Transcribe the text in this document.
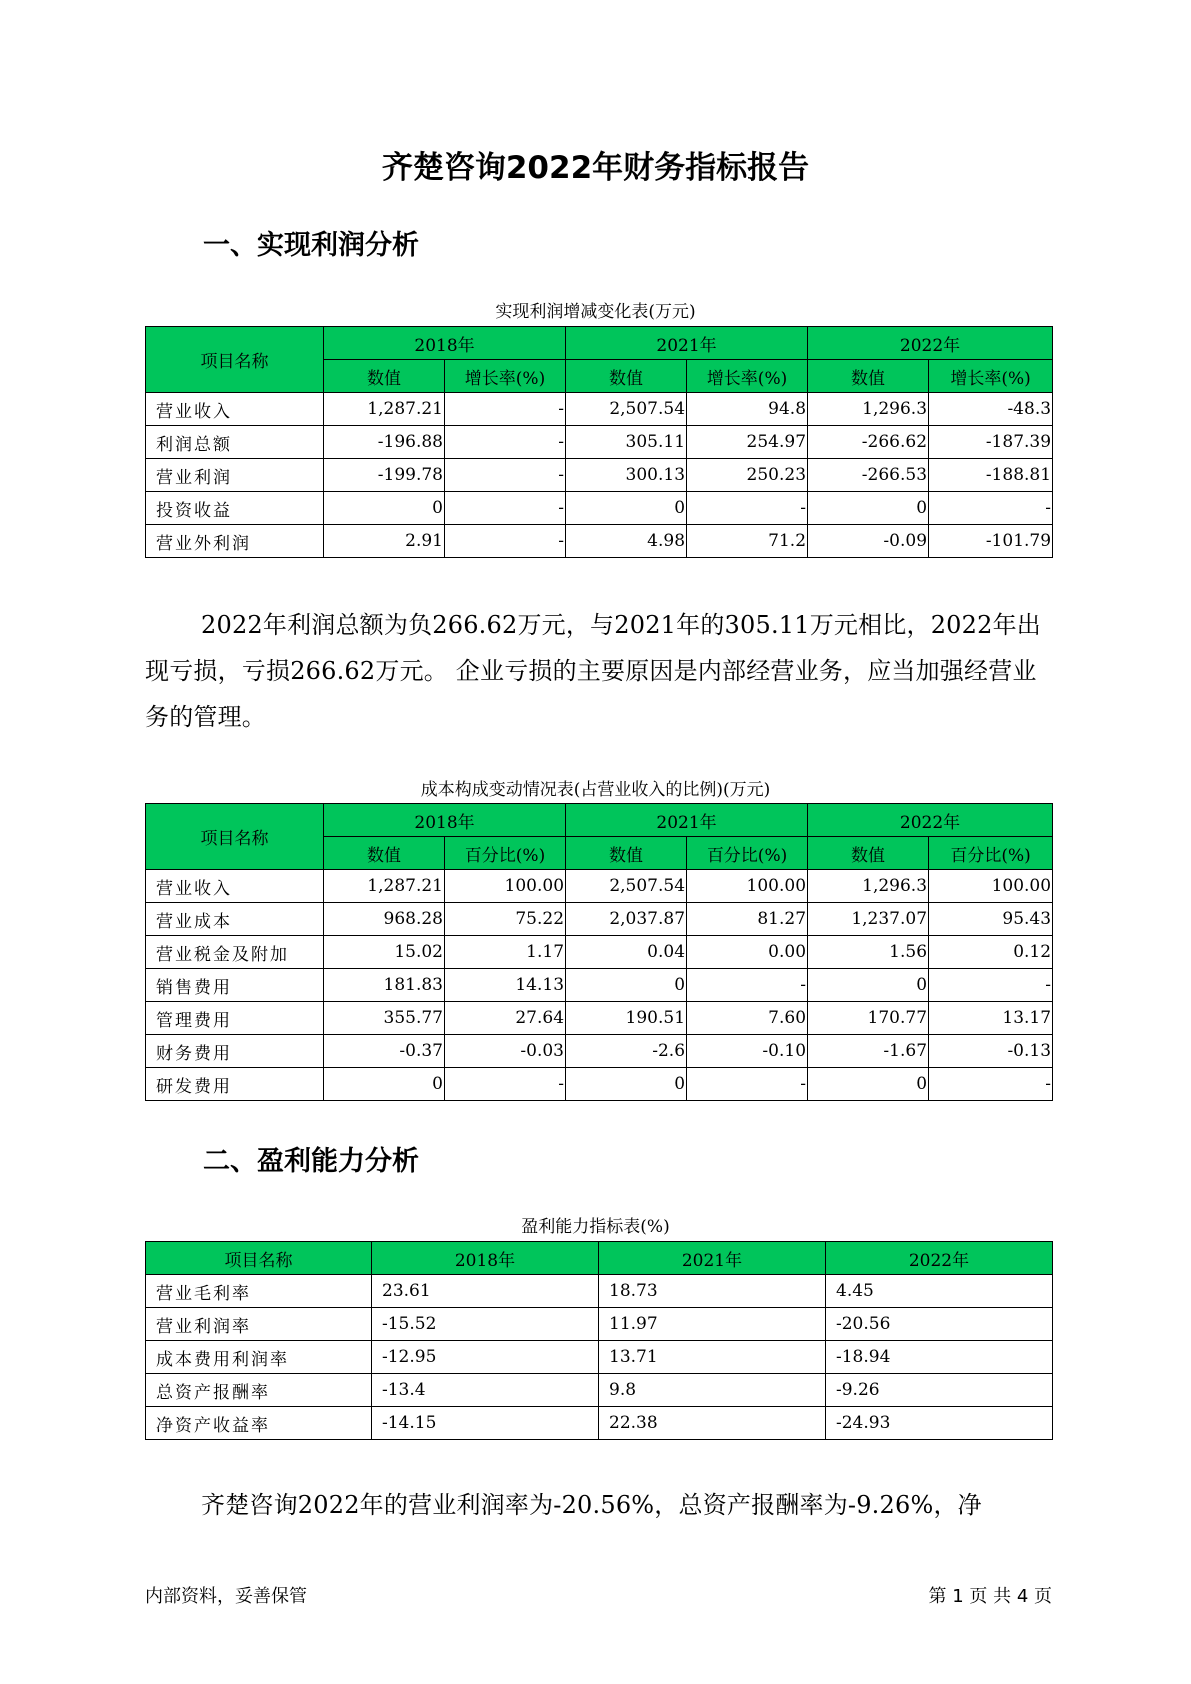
齐楚咨询2022年财务指标报告
一、实现利润分析
实现利润增减变化表(万元)
项目名称	2018年		2021年		2022年	
	数值	增长率(%)	数值	增长率(%)	数值	增长率(%)
营业收入	1,287.21	-	2,507.54	94.8	1,296.3	-48.3
利润总额	-196.88	-	305.11	254.97	-266.62	-187.39
营业利润	-199.78	-	300.13	250.23	-266.53	-188.81
投资收益	0	-	0	-	0	-
营业外利润	2.91	-	4.98	71.2	-0.09	-101.79

2022年利润总额为负266.62万元，与2021年的305.11万元相比，2022年出现亏损，亏损266.62万元。 企业亏损的主要原因是内部经营业务，应当加强经营业务的管理。

成本构成变动情况表(占营业收入的比例)(万元)
项目名称	2018年		2021年		2022年	
	数值	百分比(%)	数值	百分比(%)	数值	百分比(%)
营业收入	1,287.21	100.00	2,507.54	100.00	1,296.3	100.00
营业成本	968.28	75.22	2,037.87	81.27	1,237.07	95.43
营业税金及附加	15.02	1.17	0.04	0.00	1.56	0.12
销售费用	181.83	14.13	0	-	0	-
管理费用	355.77	27.64	190.51	7.60	170.77	13.17
财务费用	-0.37	-0.03	-2.6	-0.10	-1.67	-0.13
研发费用	0	-	0	-	0	-
二、盈利能力分析
盈利能力指标表(%)
项目名称	2018年	2021年	2022年
营业毛利率	23.61	18.73	4.45
营业利润率	-15.52	11.97	-20.56
成本费用利润率	-12.95	13.71	-18.94
总资产报酬率	-13.4	9.8	-9.26
净资产收益率	-14.15	22.38	-24.93

齐楚咨询2022年的营业利润率为-20.56%，总资产报酬率为-9.26%，净

内部资料，妥善保管	第 1 页 共 4 页
